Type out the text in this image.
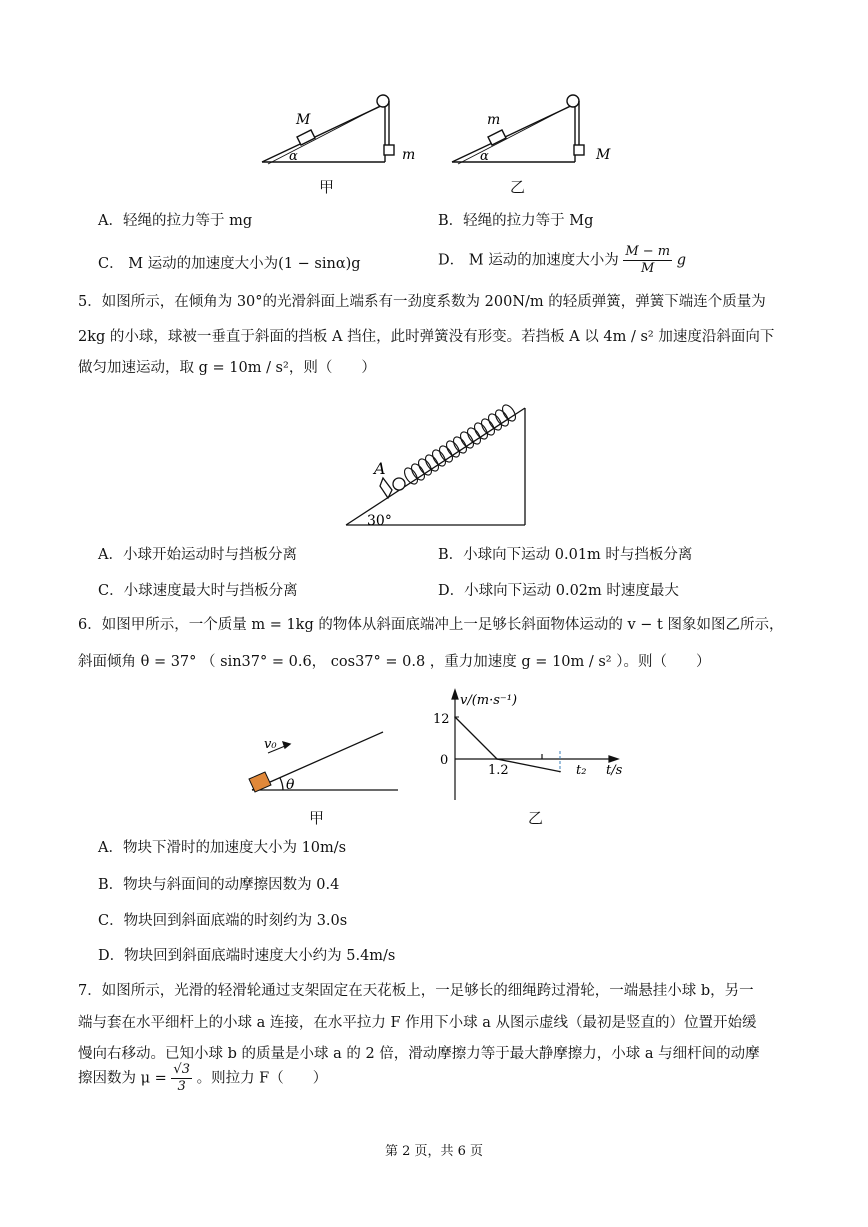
M
m
α
m
M
α
甲	乙
A．轻绳的拉力等于 mg	B．轻绳的拉力等于 Mg
C． M 运动的加速度大小为(1 − sinα)g	D． M 运动的加速度大小为 $\frac{M - m}{M}$ g
5．如图所示，在倾角为 30°的光滑斜面上端系有一劲度系数为 200N/m 的轻质弹簧，弹簧下端连个质量为
2kg 的小球，球被一垂直于斜面的挡板 A 挡住，此时弹簧没有形变。若挡板 A 以 4m / s² 加速度沿斜面向下
做匀加速运动，取 g = 10m / s²，则（　　）
A
30°
A．小球开始运动时与挡板分离	B．小球向下运动 0.01m 时与挡板分离
C．小球速度最大时与挡板分离	D．小球向下运动 0.02m 时速度最大
6．如图甲所示，一个质量 m = 1kg 的物体从斜面底端冲上一足够长斜面物体运动的 v − t 图象如图乙所示，
斜面倾角 θ = 37° （ sin37° = 0.6， cos37° = 0.8 ，重力加速度 g = 10m / s² ）。则（　　）
v₀
θ
甲
v/(m·s⁻¹)
t/s
12
0
1.2	t₂
乙
A．物块下滑时的加速度大小为 10m/s
B．物块与斜面间的动摩擦因数为 0.4
C．物块回到斜面底端的时刻约为 3.0s
D．物块回到斜面底端时速度大小约为 5.4m/s
7．如图所示，光滑的轻滑轮通过支架固定在天花板上，一足够长的细绳跨过滑轮，一端悬挂小球 b，另一
端与套在水平细杆上的小球 a 连接，在水平拉力 F 作用下小球 a 从图示虚线（最初是竖直的）位置开始缓
慢向右移动。已知小球 b 的质量是小球 a 的 2 倍，滑动摩擦力等于最大静摩擦力，小球 a 与细杆间的动摩
擦因数为 $\mu = \frac{√3}{3}$ 。则拉力 F（　　）
第 2 页，共 6 页
